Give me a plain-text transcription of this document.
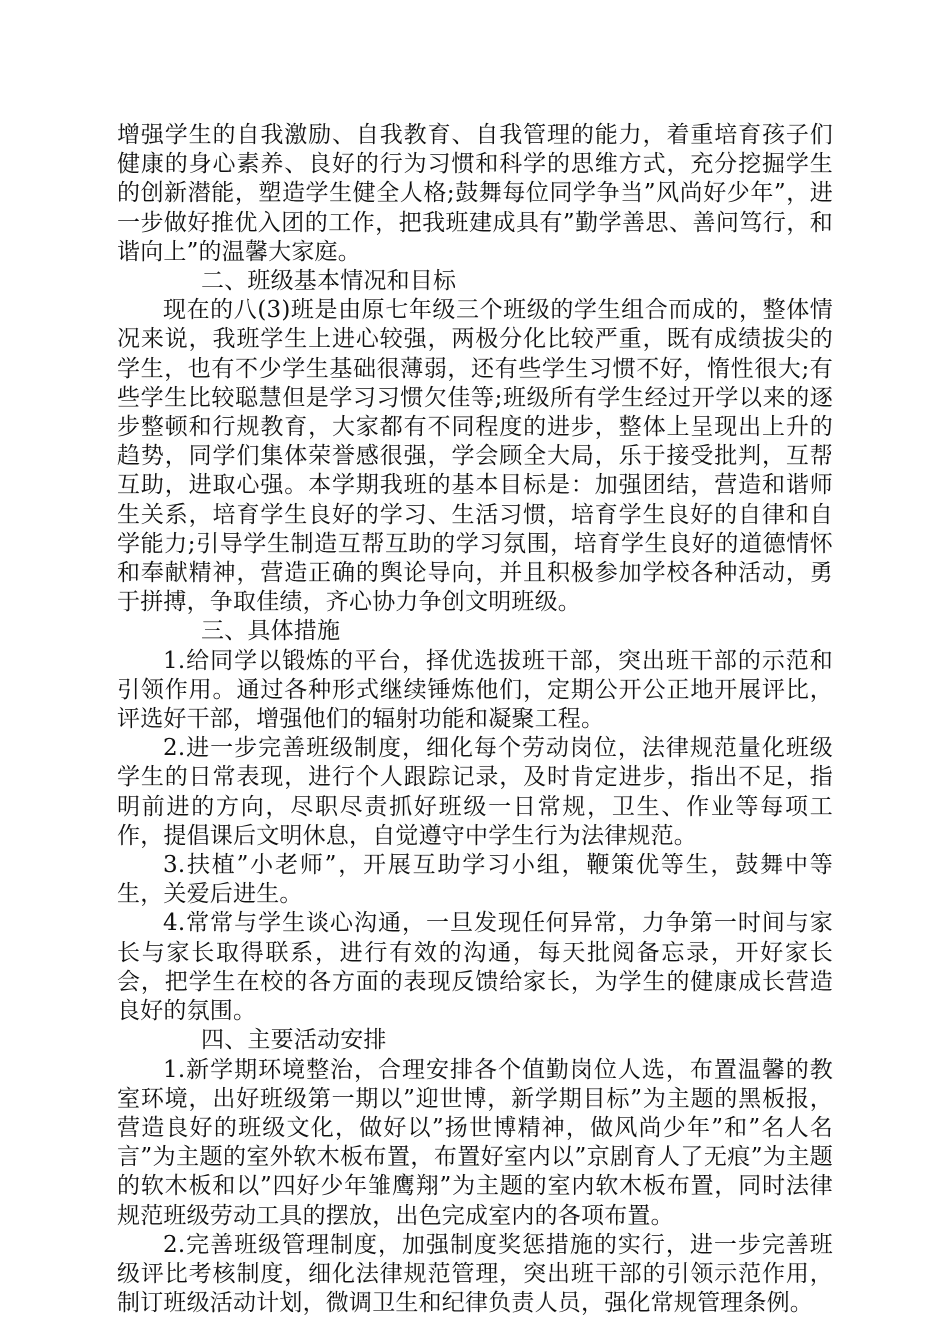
增强学生的自我激励、自我教育、自我管理的能力，着重培育孩子们健康的身心素养、良好的行为习惯和科学的思维方式，充分挖掘学生的创新潜能，塑造学生健全人格;鼓舞每位同学争当”风尚好少年”，进一步做好推优入团的工作，把我班建成具有”勤学善思、善问笃行，和谐向上”的温馨大家庭。

二、班级基本情况和目标

现在的八(3)班是由原七年级三个班级的学生组合而成的，整体情况来说，我班学生上进心较强，两极分化比较严重，既有成绩拔尖的学生，也有不少学生基础很薄弱，还有些学生习惯不好，惰性很大;有些学生比较聪慧但是学习习惯欠佳等;班级所有学生经过开学以来的逐步整顿和行规教育，大家都有不同程度的进步，整体上呈现出上升的趋势，同学们集体荣誉感很强，学会顾全大局，乐于接受批判，互帮互助，进取心强。本学期我班的基本目标是：加强团结，营造和谐师生关系，培育学生良好的学习、生活习惯，培育学生良好的自律和自学能力;引导学生制造互帮互助的学习氛围，培育学生良好的道德情怀和奉献精神，营造正确的舆论导向，并且积极参加学校各种活动，勇于拼搏，争取佳绩，齐心协力争创文明班级。

三、具体措施

1.给同学以锻炼的平台，择优选拔班干部，突出班干部的示范和引领作用。通过各种形式继续锤炼他们，定期公开公正地开展评比，评选好干部，增强他们的辐射功能和凝聚工程。

2.进一步完善班级制度，细化每个劳动岗位，法律规范量化班级学生的日常表现，进行个人跟踪记录，及时肯定进步，指出不足，指明前进的方向，尽职尽责抓好班级一日常规，卫生、作业等每项工作，提倡课后文明休息，自觉遵守中学生行为法律规范。

3.扶植”小老师”，开展互助学习小组，鞭策优等生，鼓舞中等生，关爱后进生。

4.常常与学生谈心沟通，一旦发现任何异常，力争第一时间与家长与家长取得联系，进行有效的沟通，每天批阅备忘录，开好家长会，把学生在校的各方面的表现反馈给家长，为学生的健康成长营造良好的氛围。

四、主要活动安排

1.新学期环境整治，合理安排各个值勤岗位人选，布置温馨的教室环境，出好班级第一期以”迎世博，新学期目标”为主题的黑板报，营造良好的班级文化，做好以”扬世博精神，做风尚少年”和”名人名言”为主题的室外软木板布置，布置好室内以”京剧育人了无痕”为主题的软木板和以”四好少年雏鹰翔”为主题的室内软木板布置，同时法律规范班级劳动工具的摆放，出色完成室内的各项布置。

2.完善班级管理制度，加强制度奖惩措施的实行，进一步完善班级评比考核制度，细化法律规范管理，突出班干部的引领示范作用，制订班级活动计划，微调卫生和纪律负责人员，强化常规管理条例。
